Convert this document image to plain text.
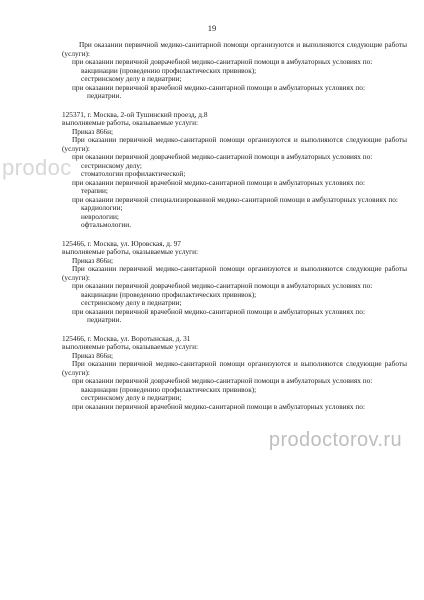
19
При оказании первичной медико-санитарной помощи организуются и выполняются следующие работы (услуги):
при оказании первичной доврачебной медико-санитарной помощи в амбулаторных условиях по:
вакцинации (проведению профилактических прививок);
сестринскому делу в педиатрии;
при оказании первичной врачебной медико-санитарной помощи в амбулаторных условиях по:
педиатрии.
125371, г. Москва, 2-ой Тушинский проезд, д.8
выполняемые работы, оказываемые услуги:
Приказ 866н;
При оказании первичной медико-санитарной помощи организуются и выполняются следующие работы (услуги):
при оказании первичной доврачебной медико-санитарной помощи в амбулаторных условиях по:
сестринскому делу;
стоматологии профилактической;
при оказании первичной врачебной медико-санитарной помощи в амбулаторных условиях по:
терапии;
при оказании первичной специализированной медико-санитарной помощи в амбулаторных условиях по:
кардиологии;
неврологии;
офтальмологии.
125466, г. Москва, ул. Юровская, д. 97
выполняемые работы, оказываемые услуги:
Приказ 866н;
При оказании первичной медико-санитарной помощи организуются и выполняются следующие работы (услуги):
при оказании первичной доврачебной медико-санитарной помощи в амбулаторных условиях по:
вакцинации (проведению профилактических прививок);
сестринскому делу в педиатрии;
при оказании первичной врачебной медико-санитарной помощи в амбулаторных условиях по:
педиатрии.
125466, г. Москва, ул. Воротынская, д. 31
выполняемые работы, оказываемые услуги:
Приказ 866н;
При оказании первичной медико-санитарной помощи организуются и выполняются следующие работы (услуги):
при оказании первичной доврачебной медико-санитарной помощи в амбулаторных условиях по:
вакцинации (проведению профилактических прививок);
сестринскому делу в педиатрии;
при оказании первичной врачебной медико-санитарной помощи в амбулаторных условиях по:
prodoc
prodoctorov.ru
